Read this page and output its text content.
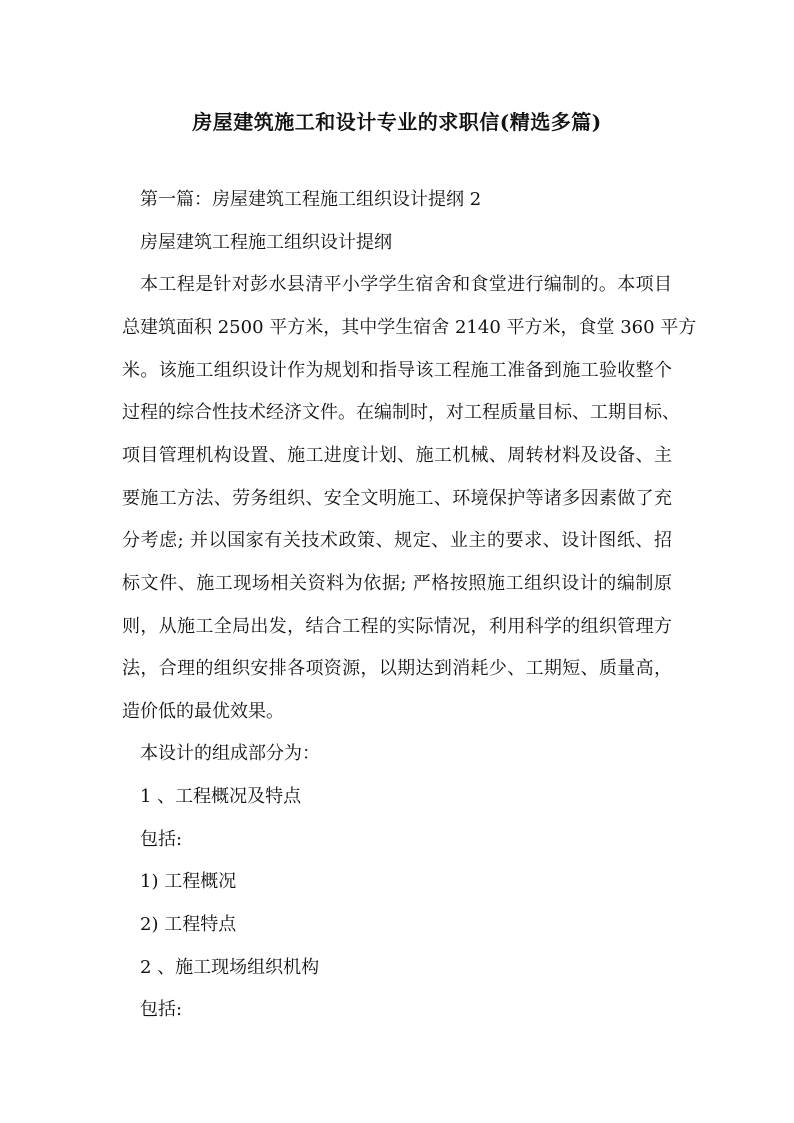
房屋建筑施工和设计专业的求职信(精选多篇)
第一篇：房屋建筑工程施工组织设计提纲 2
房屋建筑工程施工组织设计提纲
本工程是针对彭水县清平小学学生宿舍和食堂进行编制的。本项目
总建筑面积 2500 平方米，其中学生宿舍 2140 平方米，食堂 360 平方
米。该施工组织设计作为规划和指导该工程施工准备到施工验收整个
过程的综合性技术经济文件。在编制时，对工程质量目标、工期目标、
项目管理机构设置、施工进度计划、施工机械、周转材料及设备、主
要施工方法、劳务组织、安全文明施工、环境保护等诸多因素做了充
分考虑; 并以国家有关技术政策、规定、业主的要求、设计图纸、招
标文件、施工现场相关资料为依据; 严格按照施工组织设计的编制原
则，从施工全局出发，结合工程的实际情况，利用科学的组织管理方
法，合理的组织安排各项资源，以期达到消耗少、工期短、质量高，
造价低的最优效果。
本设计的组成部分为：
1 、工程概况及特点
包括:
1) 工程概况
2) 工程特点
2 、施工现场组织机构
包括:
